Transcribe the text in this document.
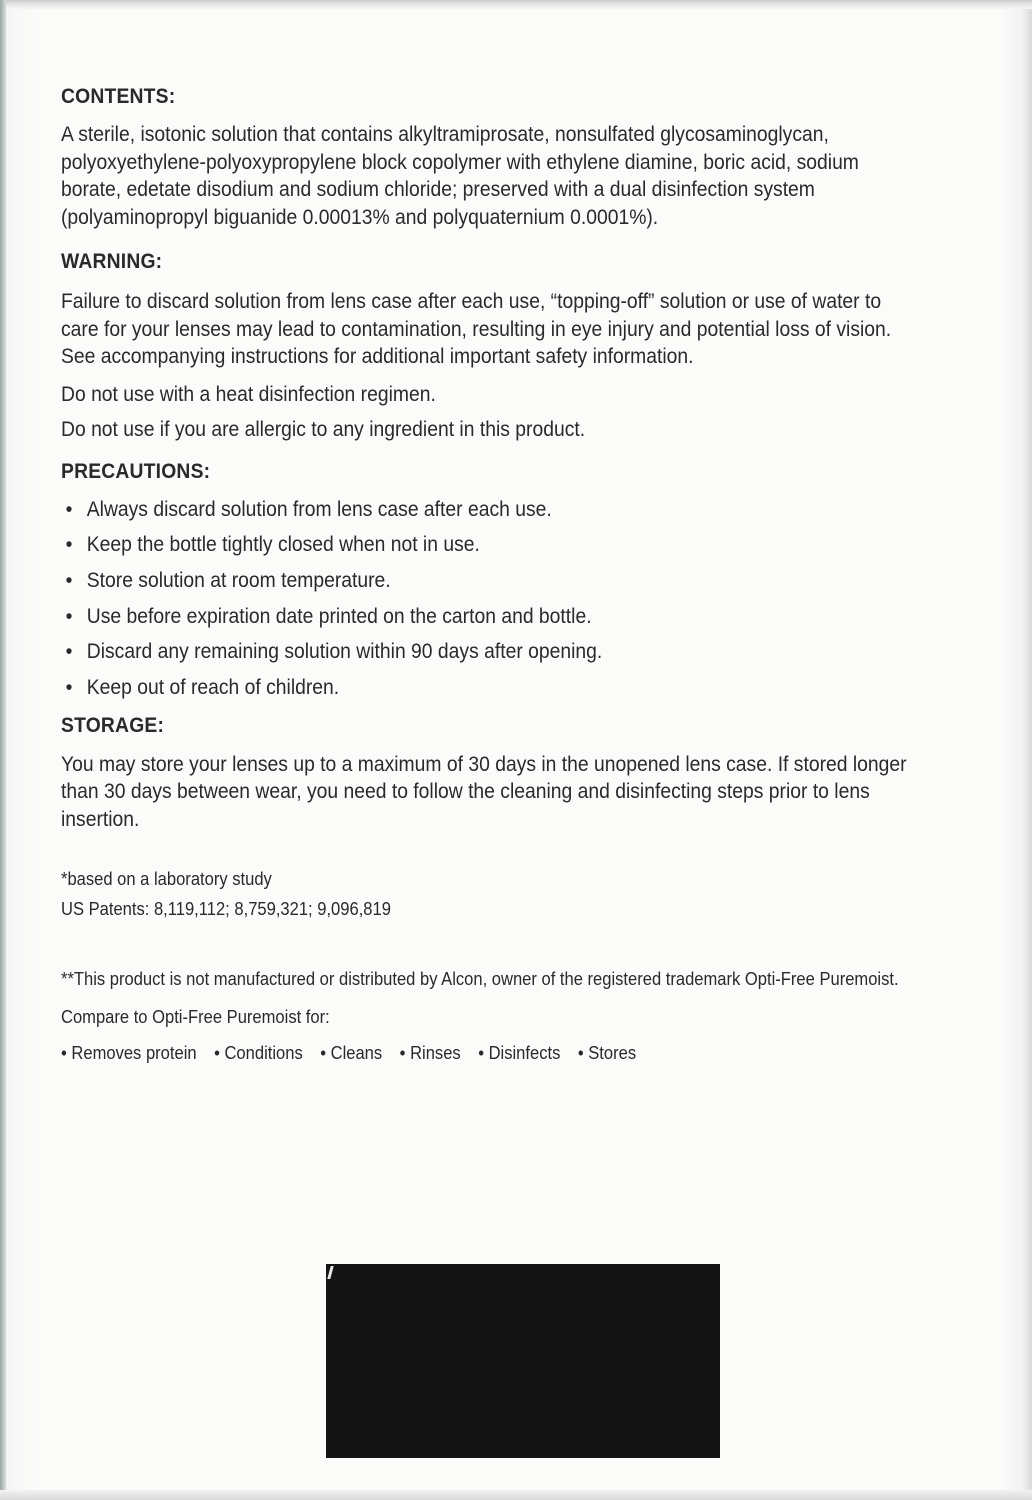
CONTENTS:

A sterile, isotonic solution that contains alkyltramiprosate, nonsulfated glycosaminoglycan,
polyoxyethylene-polyoxypropylene block copolymer with ethylene diamine, boric acid, sodium
borate, edetate disodium and sodium chloride; preserved with a dual disinfection system
(polyaminopropyl biguanide 0.00013% and polyquaternium 0.0001%).

WARNING:

Failure to discard solution from lens case after each use, “topping-off” solution or use of water to
care for your lenses may lead to contamination, resulting in eye injury and potential loss of vision.
See accompanying instructions for additional important safety information.

Do not use with a heat disinfection regimen.

Do not use if you are allergic to any ingredient in this product.

PRECAUTIONS:
• Always discard solution from lens case after each use.
• Keep the bottle tightly closed when not in use.
• Store solution at room temperature.
• Use before expiration date printed on the carton and bottle.
• Discard any remaining solution within 90 days after opening.
• Keep out of reach of children.
STORAGE:

You may store your lenses up to a maximum of 30 days in the unopened lens case. If stored longer
than 30 days between wear, you need to follow the cleaning and disinfecting steps prior to lens
insertion.

*based on a laboratory study

US Patents: 8,119,112; 8,759,321; 9,096,819

**This product is not manufactured or distributed by Alcon, owner of the registered trademark Opti-Free Puremoist.

Compare to Opti-Free Puremoist for:

• Removes protein • Conditions • Cleans • Rinses • Disinfects • Stores
